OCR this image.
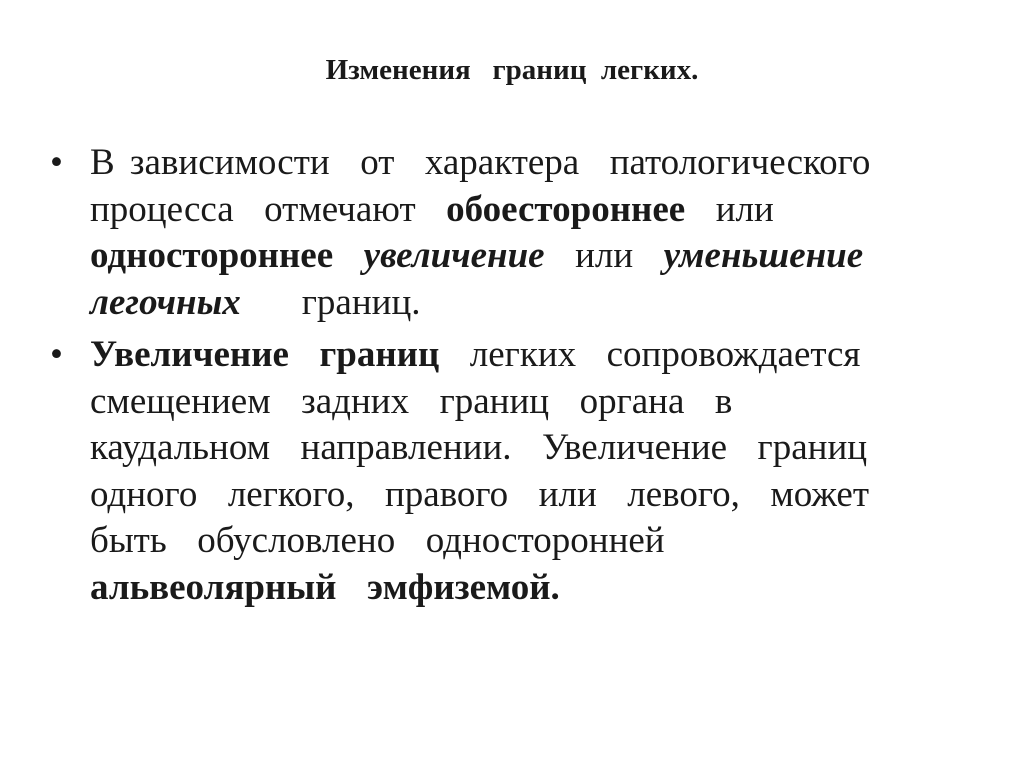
Изменения   границ  легких.
• В зависимости  от  характера  патологического
процесса  отмечают  обоестороннее  или
одностороннее увеличение  или  уменьшение
легочных    границ.
• Увеличение  границ  легких  сопровождается
смещением  задних  границ  органа  в
каудальном  направлении.  Увеличение  границ
одного  легкого,  правого  или  левого,  может
быть  обусловлено  односторонней
альвеолярный  эмфиземой.
